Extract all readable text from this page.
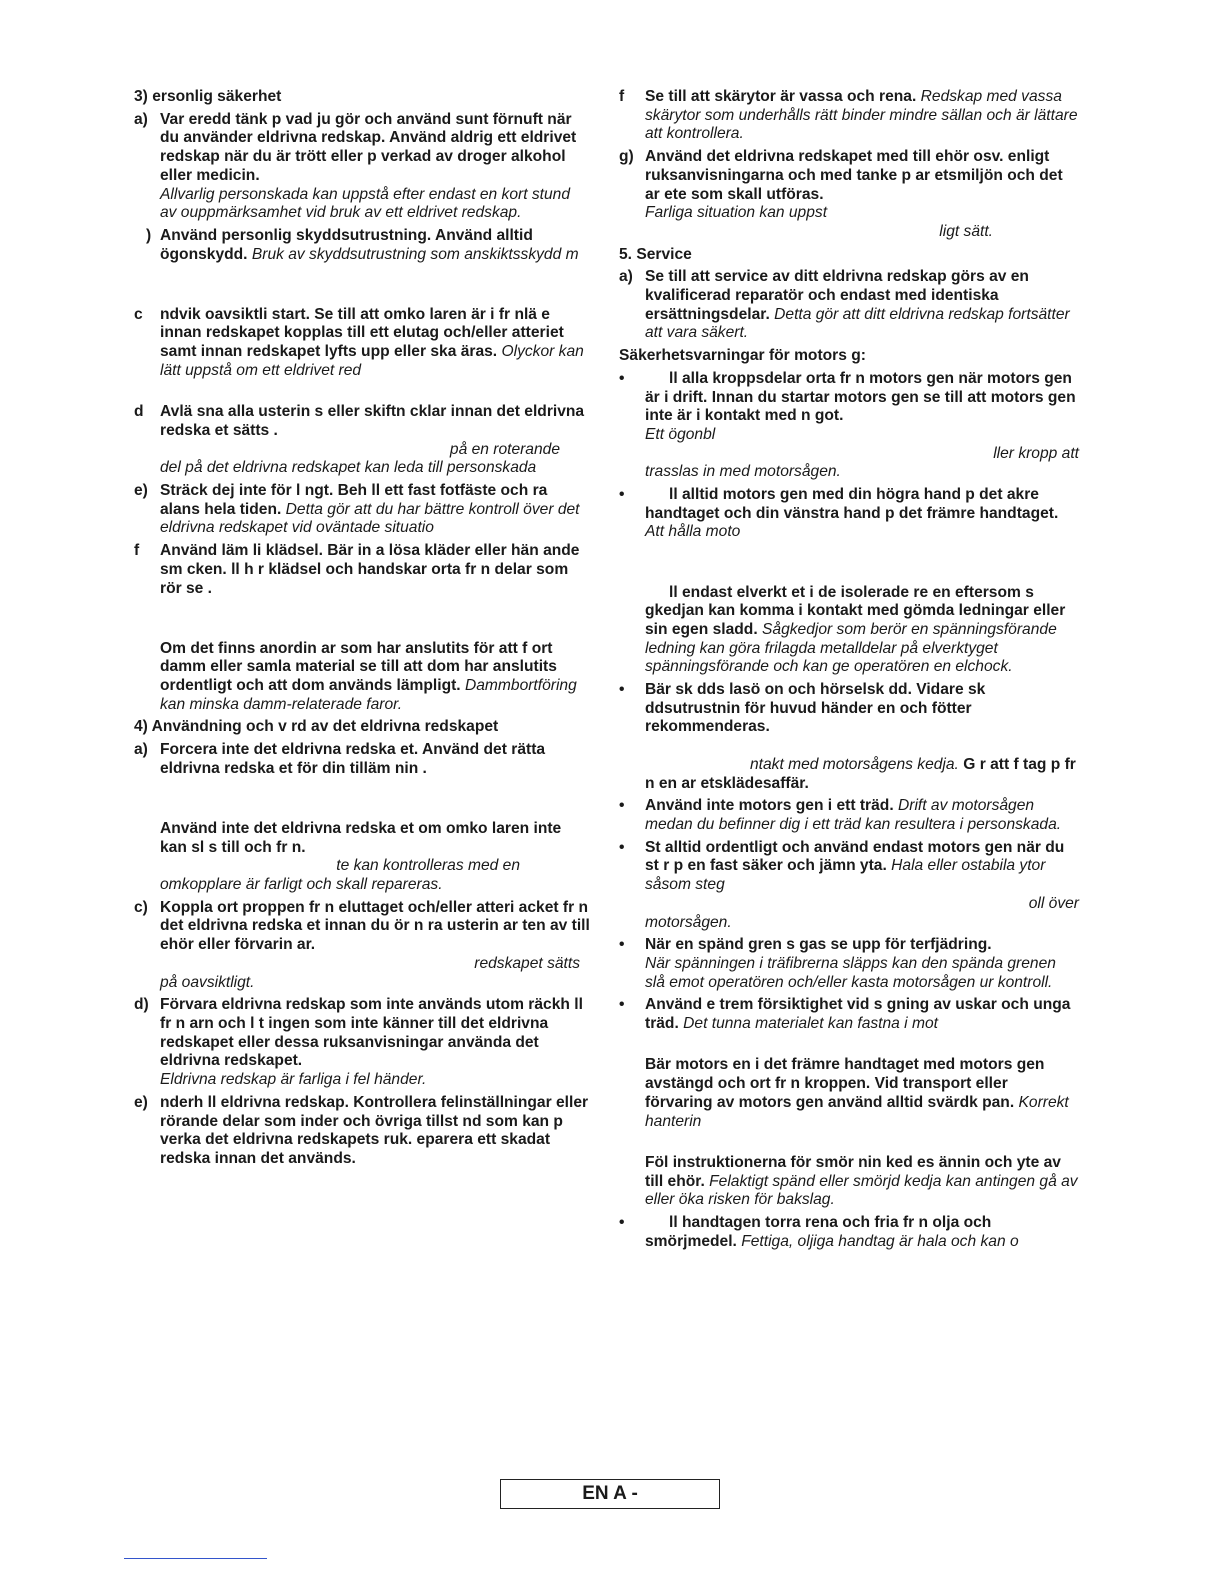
3) ersonlig säkerhet

a) Var eredd tänk p vad ju gör och använd sunt förnuft när du använder eldrivna redskap. Använd aldrig ett eldrivet redskap när du är trött eller p verkad av droger alkohol eller medicin.
Allvarlig personskada kan uppstå efter endast en kort stund av ouppmärksamhet vid bruk av ett eldrivet redskap.
) Använd personlig skyddsutrustning. Använd alltid ögonskydd. Bruk av skyddsutrustning som anskiktsskydd m
c ndvik oavsiktli start. Se till att omko laren är i fr nlä e innan redskapet kopplas till ett elutag och/eller atteriet samt innan redskapet lyfts upp eller ska äras. Olyckor kan lätt uppstå om ett eldrivet red
d Avlä sna alla usterin s eller skiftn cklar innan det eldrivna redska et sätts .
på en roterande
del på det eldrivna redskapet kan leda till personskada
e) Sträck dej inte för l ngt. Beh ll ett fast fotfäste och ra alans hela tiden. Detta gör att du har bättre kontroll över det eldrivna redskapet vid oväntade situatio
f Använd läm li klädsel. Bär in a lösa kläder eller hän ande sm cken. ll h r klädsel och handskar orta fr n delar som rör se .
Om det finns anordin ar som har anslutits för att f ort damm eller samla material se till att dom har anslutits ordentligt och att dom används lämpligt. Dammbortföring kan minska damm-relaterade faror.

4) Användning och v rd av det eldrivna redskapet

a) Forcera inte det eldrivna redska et. Använd det rätta eldrivna redska et för din tilläm nin .
Använd inte det eldrivna redska et om omko laren inte kan sl s till och fr n.
te kan kontrolleras med en
omkopplare är farligt och skall repareras.
c) Koppla ort proppen fr n eluttaget och/eller atteri acket fr n det eldrivna redska et innan du ör n ra usterin ar ten av till ehör eller förvarin ar.
redskapet sätts
på oavsiktligt.
d) Förvara eldrivna redskap som inte används utom räckh ll fr n arn och l t ingen som inte känner till det eldrivna redskapet eller dessa ruksanvisningar använda det eldrivna redskapet.
Eldrivna redskap är farliga i fel händer.
e) nderh ll eldrivna redskap. Kontrollera felinställningar eller rörande delar som inder och övriga tillst nd som kan p verka det eldrivna redskapets ruk. eparera ett skadat redska innan det används.
f Se till att skärytor är vassa och rena. Redskap med vassa skärytor som underhålls rätt binder mindre sällan och är lättare att kontrollera.
g) Använd det eldrivna redskapet med till ehör osv. enligt ruksanvisningarna och med tanke p ar etsmiljön och det ar ete som skall utföras.
Farliga situation kan uppst
ligt sätt.

5. Service

a) Se till att service av ditt eldrivna redskap görs av en kvalificerad reparatör och endast med identiska ersättningsdelar. Detta gör att ditt eldrivna redskap fortsätter att vara säkert.

Säkerhetsvarningar för motors g:

•	ll alla kroppsdelar orta fr n motors gen när motors gen är i drift. Innan du startar motors gen se till att motors gen inte är i kontakt med n got.
Ett ögonbl
ller kropp att
trasslas in med motorsågen.
•	ll alltid motors gen med din högra hand p det akre handtaget och din vänstra hand p det främre handtaget. Att hålla moto
ll endast elverkt et i de isolerade re en eftersom s gkedjan kan komma i kontakt med gömda ledningar eller sin egen sladd. Sågkedjor som berör en spänningsförande ledning kan göra frilagda metalldelar på elverktyget spänningsförande och kan ge operatören en elchock.
• Bär sk dds lasö on och hörselsk dd. Vidare sk ddsutrustnin för huvud händer en och fötter rekommenderas.
ntakt med motorsågens kedja. G r att f tag p fr n en ar etsklädesaffär.
• Använd inte motors gen i ett träd. Drift av motorsågen medan du befinner dig i ett träd kan resultera i personskada.
• St alltid ordentligt och använd endast motors gen när du st r p en fast säker och jämn yta. Hala eller ostabila ytor såsom steg
oll över
motorsågen.
• När en spänd gren s gas se upp för terfjädring.
När spänningen i träfibrerna släpps kan den spända grenen slå emot operatören och/eller kasta motorsågen ur kontroll.
• Använd e trem försiktighet vid s gning av uskar och unga träd. Det tunna materialet kan fastna i mot
Bär motors en i det främre handtaget med motors gen avstängd och ort fr n kroppen. Vid transport eller förvaring av motors gen använd alltid svärdk pan. Korrekt hanterin
Föl instruktionerna för smör nin ked es ännin och yte av till ehör. Felaktigt spänd eller smörjd kedja kan antingen gå av eller öka risken för bakslag.
•	ll handtagen torra rena och fria fr n olja och smörjmedel. Fettiga, oljiga handtag är hala och kan o
EN A -
